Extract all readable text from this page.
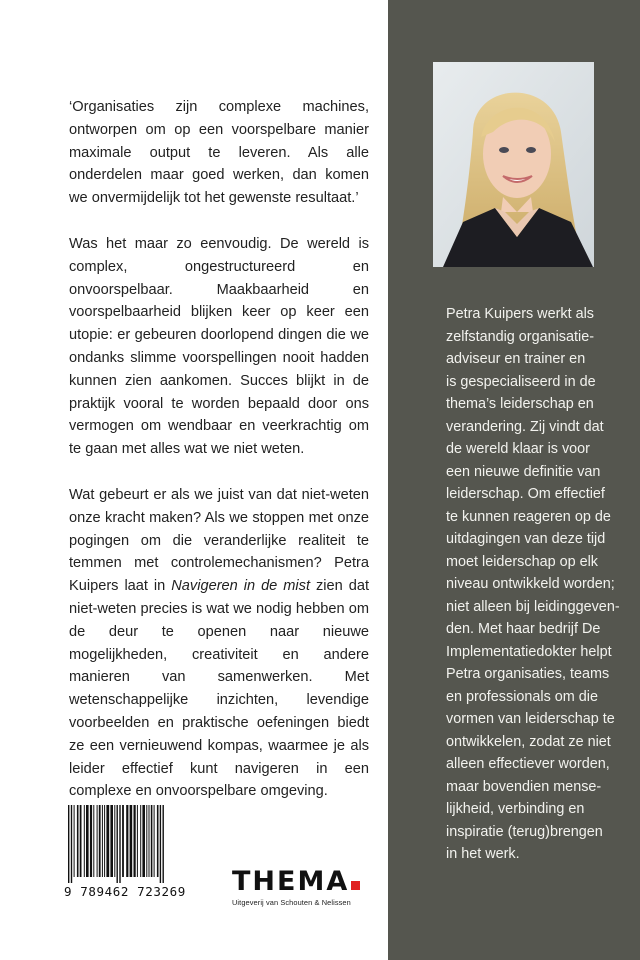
‘Organisaties zijn complexe machines, ontworpen om op een voorspelbare manier maximale output te leveren. Als alle onderdelen maar goed werken, dan komen we onvermijdelijk tot het gewenste resultaat.’

Was het maar zo eenvoudig. De wereld is complex, ongestructureerd en onvoorspelbaar. Maakbaarheid en voorspelbaarheid blijken keer op keer een utopie: er gebeuren doorlopend dingen die we ondanks slimme voorspellingen nooit hadden kunnen zien aankomen. Succes blijkt in de praktijk vooral te worden bepaald door ons vermogen om wendbaar en veerkrachtig om te gaan met alles wat we niet weten.

Wat gebeurt er als we juist van dat niet-weten onze kracht maken? Als we stoppen met onze pogingen om die veranderlijke realiteit te temmen met controlemechanismen? Petra Kuipers laat in Navigeren in de mist zien dat niet-weten precies is wat we nodig hebben om de deur te openen naar nieuwe mogelijkheden, creativiteit en andere manieren van samenwerken. Met wetenschappelijke inzichten, levendige voorbeelden en praktische oefeningen biedt ze een vernieuwend kompas, waarmee je als leider effectief kunt navigeren in een complexe en onvoorspelbare omgeving.

Petra Kuipers werkt als
zelfstandig organisatie-
adviseur en trainer en
is gespecialiseerd in de
thema’s leiderschap en
verandering. Zij vindt dat
de wereld klaar is voor
een nieuwe definitie van
leiderschap. Om effectief
te kunnen reageren op de
uitdagingen van deze tijd
moet leiderschap op elk
niveau ontwikkeld worden;
niet alleen bij leidinggeven-
den. Met haar bedrijf De
Implementatiedokter helpt
Petra organisaties, teams
en professionals om die
vormen van leiderschap te
ontwikkelen, zodat ze niet
alleen effectiever worden,
maar bovendien mense-
lijkheid, verbinding en
inspiratie (terug)brengen
in het werk.
9 789462 723269	THEMA
Uitgeverij van Schouten & Nelissen
